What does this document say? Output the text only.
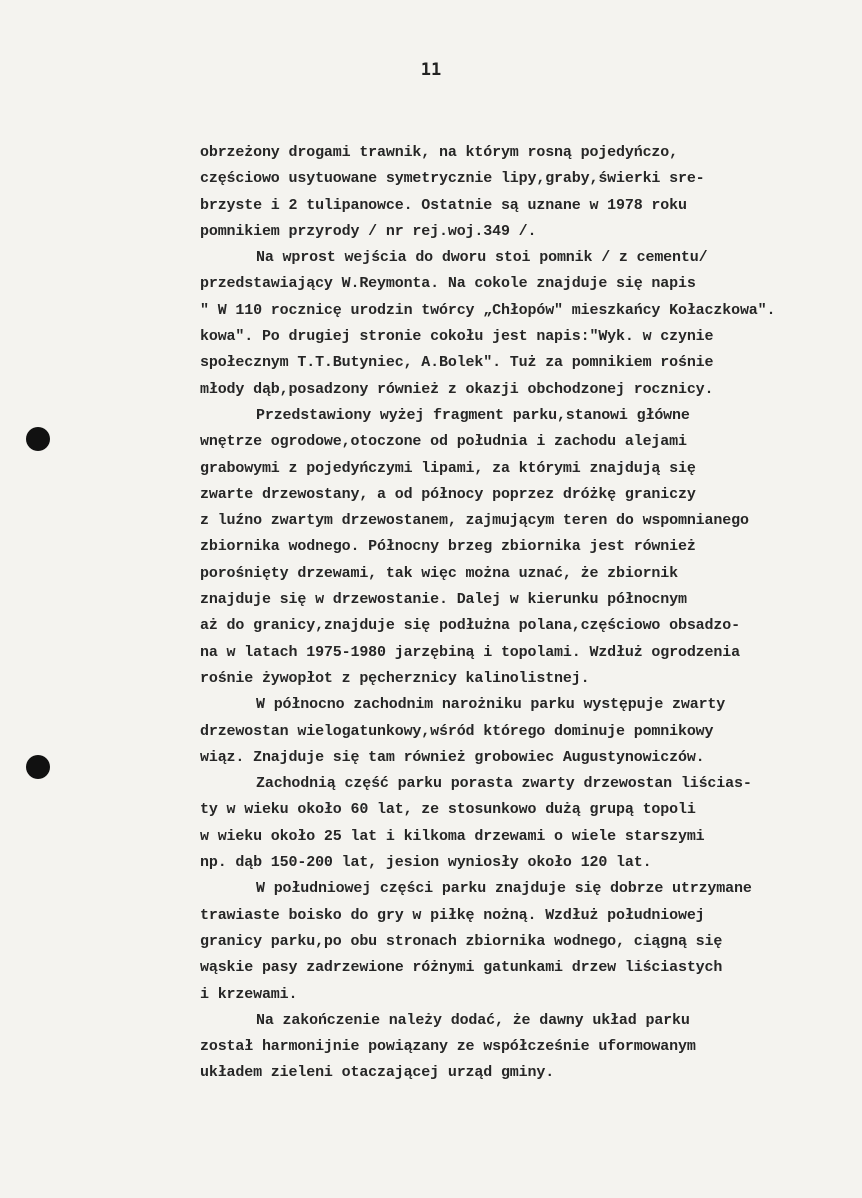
11
obrzeżony drogami trawnik, na którym rosną pojedyńczo,
częściowo usytuowane symetrycznie lipy,graby,świerki sre-
brzyste i 2 tulipanowce. Ostatnie są uznane w 1978 roku
pomnikiem przyrody / nr rej.woj.349 /.
Na wprost wejścia do dworu stoi pomnik / z cementu/
przedstawiający W.Reymonta. Na cokole znajduje się napis
" W 110 rocznicę urodzin twórcy „Chłopów" mieszkańcy Kołaczkowa".
kowa". Po drugiej stronie cokołu jest napis:"Wyk. w czynie
społecznym T.T.Butyniec, A.Bolek". Tuż za pomnikiem rośnie
młody dąb,posadzony również z okazji obchodzonej rocznicy.
Przedstawiony wyżej fragment parku,stanowi główne
wnętrze ogrodowe,otoczone od południa i zachodu alejami
grabowymi z pojedyńczymi lipami, za którymi znajdują się
zwarte drzewostany, a od północy poprzez dróżkę graniczy
z luźno zwartym drzewostanem, zajmującym teren do wspomnianego
zbiornika wodnego. Północny brzeg zbiornika jest również
porośnięty drzewami, tak więc można uznać, że zbiornik
znajduje się w drzewostanie. Dalej w kierunku północnym
aż do granicy,znajduje się podłużna polana,częściowo obsadzo-
na w latach 1975-1980 jarzębiną i topolami. Wzdłuż ogrodzenia
rośnie żywopłot z pęcherznicy kalinolistnej.
W północno zachodnim narożniku parku występuje zwarty
drzewostan wielogatunkowy,wśród którego dominuje pomnikowy
wiąz. Znajduje się tam również grobowiec Augustynowiczów.
Zachodnią część parku porasta zwarty drzewostan liścias-
ty w wieku około 60 lat, ze stosunkowo dużą grupą topoli
w wieku około 25 lat i kilkoma drzewami o wiele starszymi
np. dąb 150-200 lat, jesion wyniosły około 120 lat.
W południowej części parku znajduje się dobrze utrzymane
trawiaste boisko do gry w piłkę nożną. Wzdłuż południowej
granicy parku,po obu stronach zbiornika wodnego, ciągną się
wąskie pasy zadrzewione różnymi gatunkami drzew liściastych
i krzewami.
Na zakończenie należy dodać, że dawny układ parku
został harmonijnie powiązany ze współcześnie uformowanym
układem zieleni otaczającej urząd gminy.
